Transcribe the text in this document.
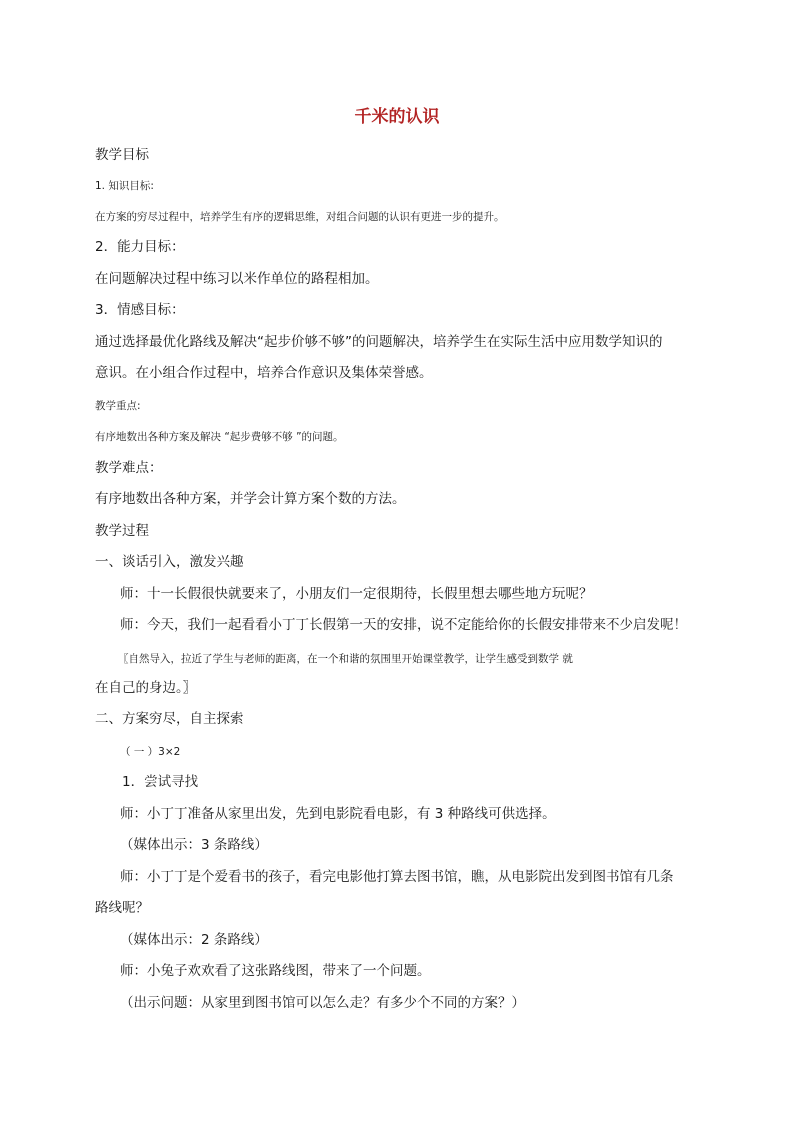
千米的认识
教学目标
1. 知识目标:
在方案的穷尽过程中，培养学生有序的逻辑思维，对组合问题的认识有更进一步的提升。
2．能力目标：
在问题解决过程中练习以米作单位的路程相加。
3．情感目标：
通过选择最优化路线及解决“起步价够不够”的问题解决，培养学生在实际生活中应用数学知识的
意识。在小组合作过程中，培养合作意识及集体荣誉感。
教学重点:
有序地数出各种方案及解决 “起步费够不够 ”的问题。
教学难点：
有序地数出各种方案，并学会计算方案个数的方法。
教学过程
一、谈话引入，激发兴趣
师：十一长假很快就要来了，小朋友们一定很期待，长假里想去哪些地方玩呢？
师：今天，我们一起看看小丁丁长假第一天的安排，说不定能给你的长假安排带来不少启发呢！
〖自然导入，拉近了学生与老师的距离，在一个和谐的氛围里开始课堂教学，让学生感受到数学 就
在自己的身边。〗
二、方案穷尽，自主探索
（ 一 ）3×2
1．尝试寻找
师：小丁丁准备从家里出发，先到电影院看电影，有 3 种路线可供选择。
（媒体出示：3 条路线）
师：小丁丁是个爱看书的孩子，看完电影他打算去图书馆，瞧，从电影院出发到图书馆有几条
路线呢？
（媒体出示：2 条路线）
师：小兔子欢欢看了这张路线图，带来了一个问题。
（出示问题：从家里到图书馆可以怎么走？有多少个不同的方案？）
